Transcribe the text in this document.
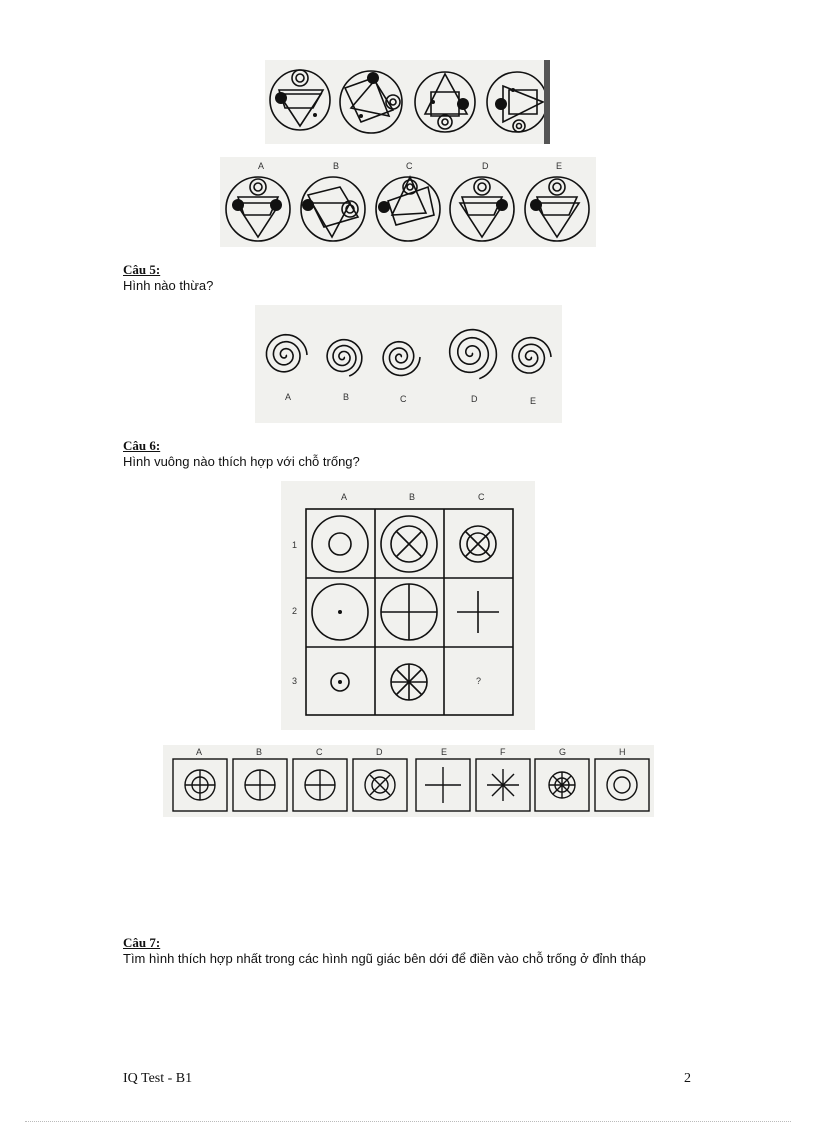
A	B	C	D	E
Câu 5:
Hình nào thừa?
A	B	C	D	E
Câu 6:
Hình vuông nào thích hợp với chỗ trống?
A	B	C
1
2
3	?
A	B	C	D	E	F	G	H
Câu 7:
Tìm hình thích hợp nhất trong các hình ngũ giác bên dới để điền vào chỗ trống ở đỉnh tháp
IQ Test - B1	2
